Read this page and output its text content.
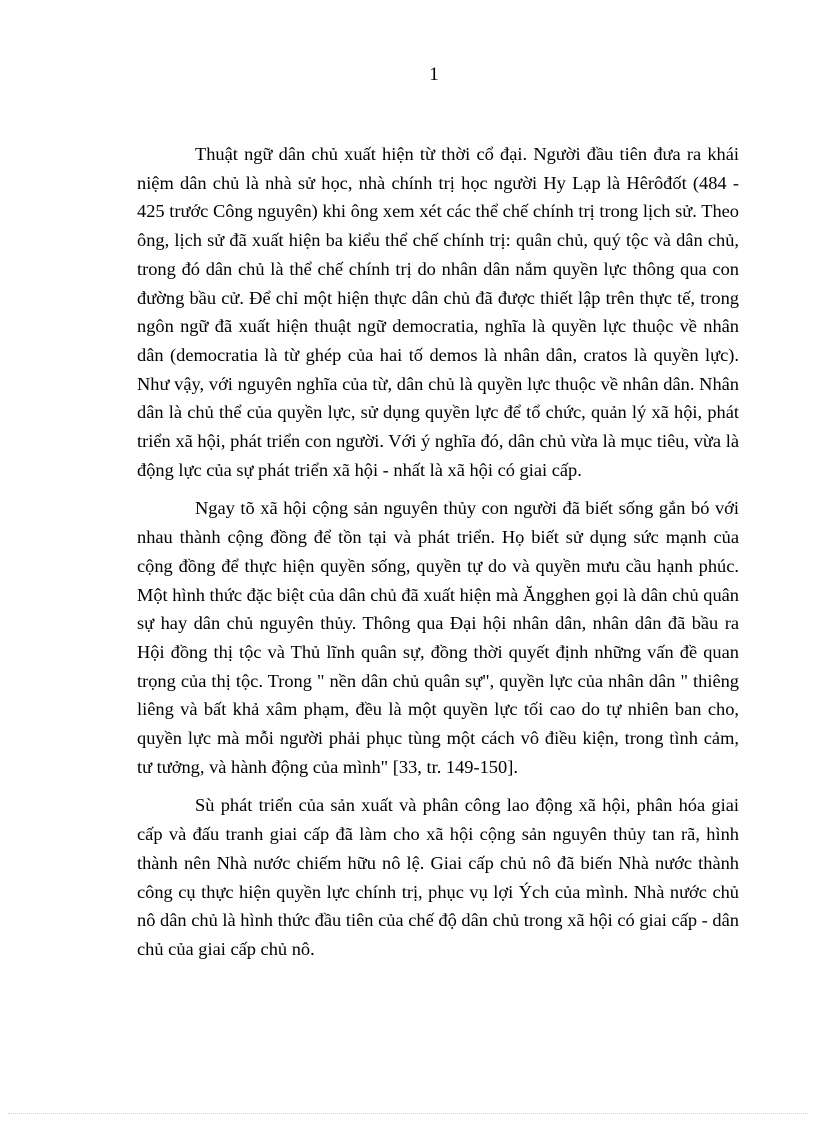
1

Thuật ngữ dân chủ xuất hiện từ thời cổ đại. Người đầu tiên đưa ra khái niệm dân chủ là nhà sử học, nhà chính trị học người Hy Lạp là Hêrôđốt (484 - 425 trước Công nguyên) khi ông xem xét các thể chế chính trị trong lịch sử. Theo ông, lịch sử đã xuất hiện ba kiểu thể chế chính trị: quân chủ, quý tộc và dân chủ, trong đó dân chủ là thể chế chính trị do nhân dân nắm quyền lực thông qua con đường bầu cử. Để chỉ một hiện thực dân chủ đã được thiết lập trên thực tế, trong ngôn ngữ đã xuất hiện thuật ngữ democratia, nghĩa là quyền lực thuộc về nhân dân (democratia là từ ghép của hai tố demos là nhân dân, cratos là quyền lực). Như vậy, với nguyên nghĩa của từ, dân chủ là quyền lực thuộc về nhân dân. Nhân dân là chủ thể của quyền lực, sử dụng quyền lực để tổ chức, quản lý xã hội, phát triển xã hội, phát triển con người. Với ý nghĩa đó, dân chủ vừa là mục tiêu, vừa là động lực của sự phát triển xã hội - nhất là xã hội có giai cấp.

Ngay tõ xã hội cộng sản nguyên thủy con người đã biết sống gắn bó với nhau thành cộng đồng để tồn tại và phát triển. Họ biết sử dụng sức mạnh của cộng đồng để thực hiện quyền sống, quyền tự do và quyền mưu cầu hạnh phúc. Một hình thức đặc biệt của dân chủ đã xuất hiện mà Ăngghen gọi là dân chủ quân sự hay dân chủ nguyên thủy. Thông qua Đại hội nhân dân, nhân dân đã bầu ra Hội đồng thị tộc và Thủ lĩnh quân sự, đồng thời quyết định những vấn đề quan trọng của thị tộc. Trong " nền dân chủ quân sự", quyền lực của nhân dân " thiêng liêng và bất khả xâm phạm, đều là một quyền lực tối cao do tự nhiên ban cho, quyền lực mà mỗi người phải phục tùng một cách vô điều kiện, trong tình cảm, tư tưởng, và hành động của mình" [33, tr. 149-150].

Sù phát triển của sản xuất và phân công lao động xã hội, phân hóa giai cấp và đấu tranh giai cấp đã làm cho xã hội cộng sản nguyên thủy tan rã, hình thành nên Nhà nước chiếm hữu nô lệ. Giai cấp chủ nô đã biến Nhà nước thành công cụ thực hiện quyền lực chính trị, phục vụ lợi Ých của mình. Nhà nước chủ nô dân chủ là hình thức đầu tiên của chế độ dân chủ trong xã hội có giai cấp - dân chủ của giai cấp chủ nô.
